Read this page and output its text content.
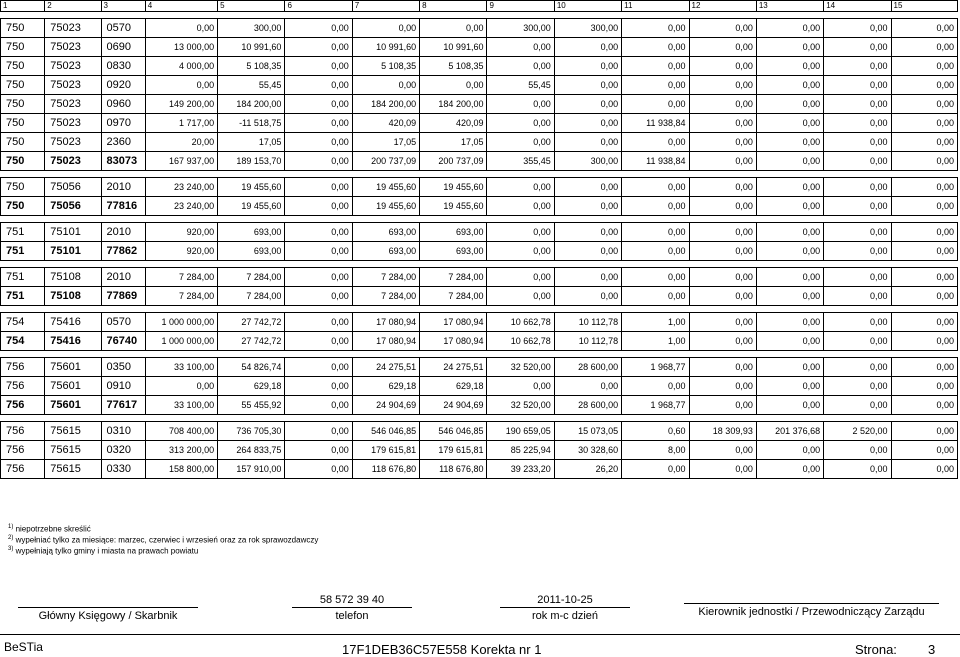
1	2	3	4	5	6	7	8	9	10	11	12	13	14	15

750	75023	0570	0,00	300,00	0,00	0,00	0,00	300,00	300,00	0,00	0,00	0,00	0,00	0,00
750	75023	0690	13 000,00	10 991,60	0,00	10 991,60	10 991,60	0,00	0,00	0,00	0,00	0,00	0,00	0,00
750	75023	0830	4 000,00	5 108,35	0,00	5 108,35	5 108,35	0,00	0,00	0,00	0,00	0,00	0,00	0,00
750	75023	0920	0,00	55,45	0,00	0,00	0,00	55,45	0,00	0,00	0,00	0,00	0,00	0,00
750	75023	0960	149 200,00	184 200,00	0,00	184 200,00	184 200,00	0,00	0,00	0,00	0,00	0,00	0,00	0,00
750	75023	0970	1 717,00	-11 518,75	0,00	420,09	420,09	0,00	0,00	11 938,84	0,00	0,00	0,00	0,00
750	75023	2360	20,00	17,05	0,00	17,05	17,05	0,00	0,00	0,00	0,00	0,00	0,00	0,00
750	75023	83073	167 937,00	189 153,70	0,00	200 737,09	200 737,09	355,45	300,00	11 938,84	0,00	0,00	0,00	0,00

750	75056	2010	23 240,00	19 455,60	0,00	19 455,60	19 455,60	0,00	0,00	0,00	0,00	0,00	0,00	0,00
750	75056	77816	23 240,00	19 455,60	0,00	19 455,60	19 455,60	0,00	0,00	0,00	0,00	0,00	0,00	0,00

751	75101	2010	920,00	693,00	0,00	693,00	693,00	0,00	0,00	0,00	0,00	0,00	0,00	0,00
751	75101	77862	920,00	693,00	0,00	693,00	693,00	0,00	0,00	0,00	0,00	0,00	0,00	0,00

751	75108	2010	7 284,00	7 284,00	0,00	7 284,00	7 284,00	0,00	0,00	0,00	0,00	0,00	0,00	0,00
751	75108	77869	7 284,00	7 284,00	0,00	7 284,00	7 284,00	0,00	0,00	0,00	0,00	0,00	0,00	0,00

754	75416	0570	1 000 000,00	27 742,72	0,00	17 080,94	17 080,94	10 662,78	10 112,78	1,00	0,00	0,00	0,00	0,00
754	75416	76740	1 000 000,00	27 742,72	0,00	17 080,94	17 080,94	10 662,78	10 112,78	1,00	0,00	0,00	0,00	0,00

756	75601	0350	33 100,00	54 826,74	0,00	24 275,51	24 275,51	32 520,00	28 600,00	1 968,77	0,00	0,00	0,00	0,00
756	75601	0910	0,00	629,18	0,00	629,18	629,18	0,00	0,00	0,00	0,00	0,00	0,00	0,00
756	75601	77617	33 100,00	55 455,92	0,00	24 904,69	24 904,69	32 520,00	28 600,00	1 968,77	0,00	0,00	0,00	0,00

756	75615	0310	708 400,00	736 705,30	0,00	546 046,85	546 046,85	190 659,05	15 073,05	0,60	18 309,93	201 376,68	2 520,00	0,00
756	75615	0320	313 200,00	264 833,75	0,00	179 615,81	179 615,81	85 225,94	30 328,60	8,00	0,00	0,00	0,00	0,00
756	75615	0330	158 800,00	157 910,00	0,00	118 676,80	118 676,80	39 233,20	26,20	0,00	0,00	0,00	0,00	0,00
$^{1)}$ niepotrzebne skreślić
$^{2)}$ wypełniać tylko za miesiące: marzec, czerwiec i wrzesień oraz za rok sprawozdawczy
$^{3)}$ wypełniają tylko gminy i miasta na prawach powiatu
58 572 39 40	2011-10-25
Główny Księgowy / Skarbnik	telefon	rok m-c dzień	Kierownik jednostki / Przewodniczący Zarządu
BeSTia	17F1DEB36C57E558 Korekta nr 1	Strona: 3
